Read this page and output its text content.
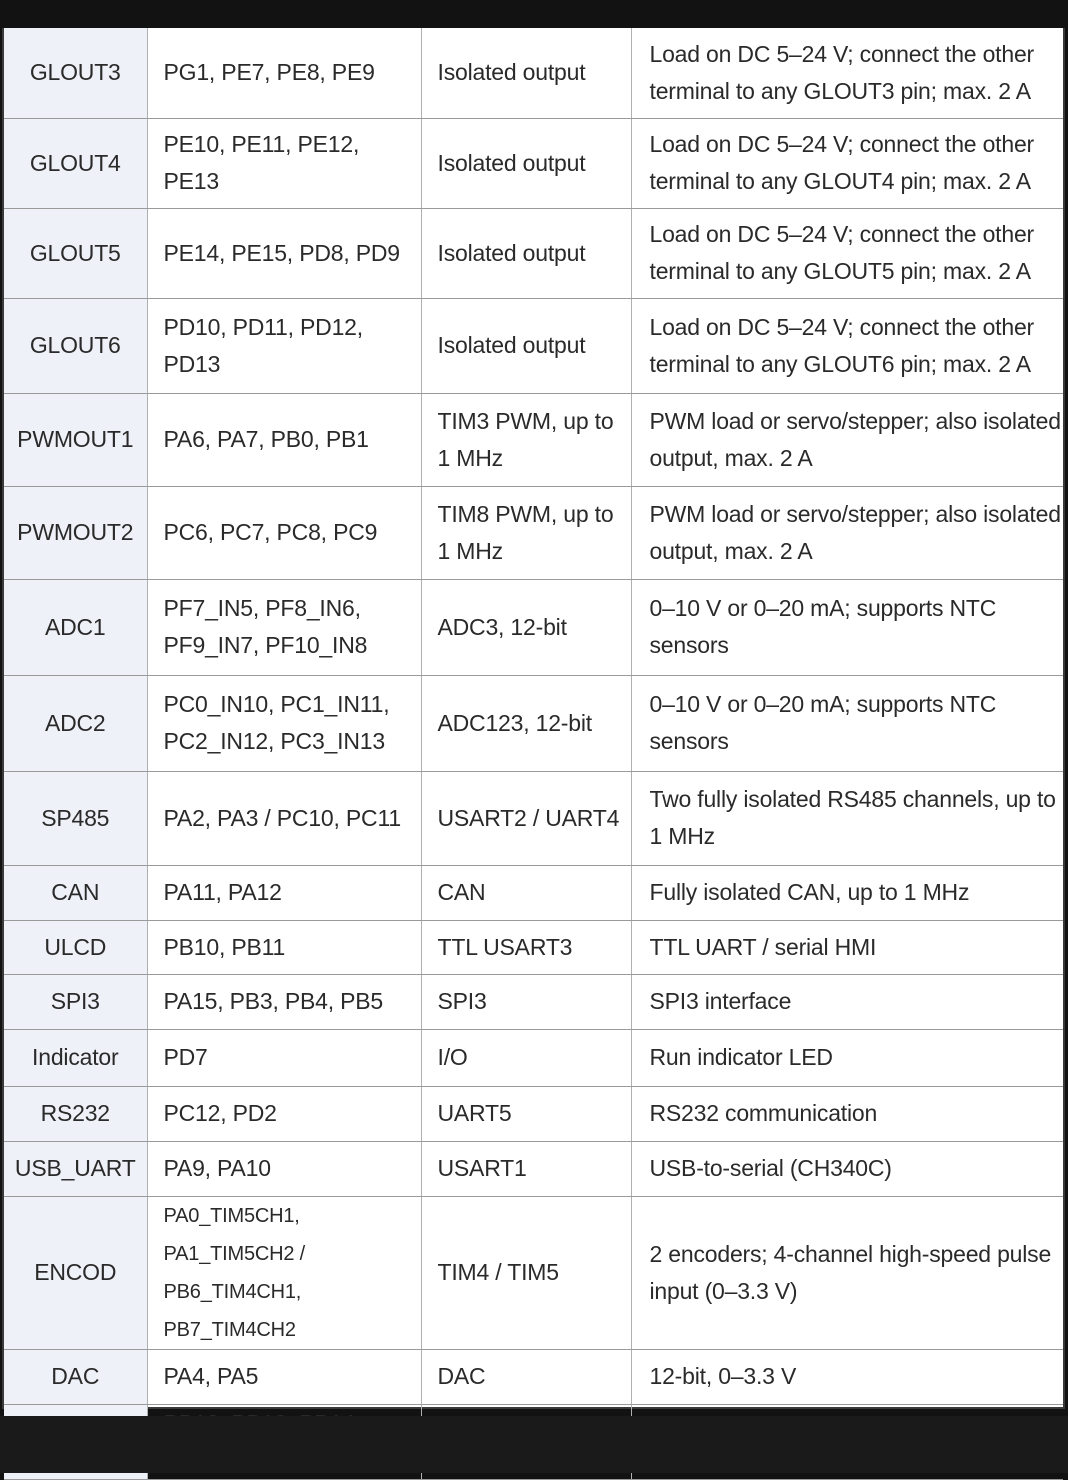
GLOUT3	PG1, PE7, PE8, PE9	Isolated output	Load on DC 5–24 V; connect the other terminal to any GLOUT3 pin; max. 2 A
GLOUT4	PE10, PE11, PE12, PE13	Isolated output	Load on DC 5–24 V; connect the other terminal to any GLOUT4 pin; max. 2 A
GLOUT5	PE14, PE15, PD8, PD9	Isolated output	Load on DC 5–24 V; connect the other terminal to any GLOUT5 pin; max. 2 A
GLOUT6	PD10, PD11, PD12, PD13	Isolated output	Load on DC 5–24 V; connect the other terminal to any GLOUT6 pin; max. 2 A
PWMOUT1	PA6, PA7, PB0, PB1	TIM3 PWM, up to 1 MHz	PWM load or servo/stepper; also isolated output, max. 2 A
PWMOUT2	PC6, PC7, PC8, PC9	TIM8 PWM, up to 1 MHz	PWM load or servo/stepper; also isolated output, max. 2 A
ADC1	PF7_IN5, PF8_IN6, PF9_IN7, PF10_IN8	ADC3, 12-bit	0–10 V or 0–20 mA; supports NTC sensors
ADC2	PC0_IN10, PC1_IN11, PC2_IN12, PC3_IN13	ADC123, 12-bit	0–10 V or 0–20 mA; supports NTC sensors
SP485	PA2, PA3 / PC10, PC11	USART2 / UART4	Two fully isolated RS485 channels, up to 1 MHz
CAN	PA11, PA12	CAN	Fully isolated CAN, up to 1 MHz
ULCD	PB10, PB11	TTL USART3	TTL UART / serial HMI
SPI3	PA15, PB3, PB4, PB5	SPI3	SPI3 interface
Indicator	PD7	I/O	Run indicator LED
RS232	PC12, PD2	UART5	RS232 communication
USB_UART	PA9, PA10	USART1	USB-to-serial (CH340C)
ENCOD	PA0_TIM5CH1, PA1_TIM5CH2 / PB6_TIM4CH1, PB7_TIM4CH2	TIM4 / TIM5	2 encoders; 4-channel high-speed pulse input (0–3.3 V)
DAC	PA4, PA5	DAC	12-bit, 0–3.3 V
